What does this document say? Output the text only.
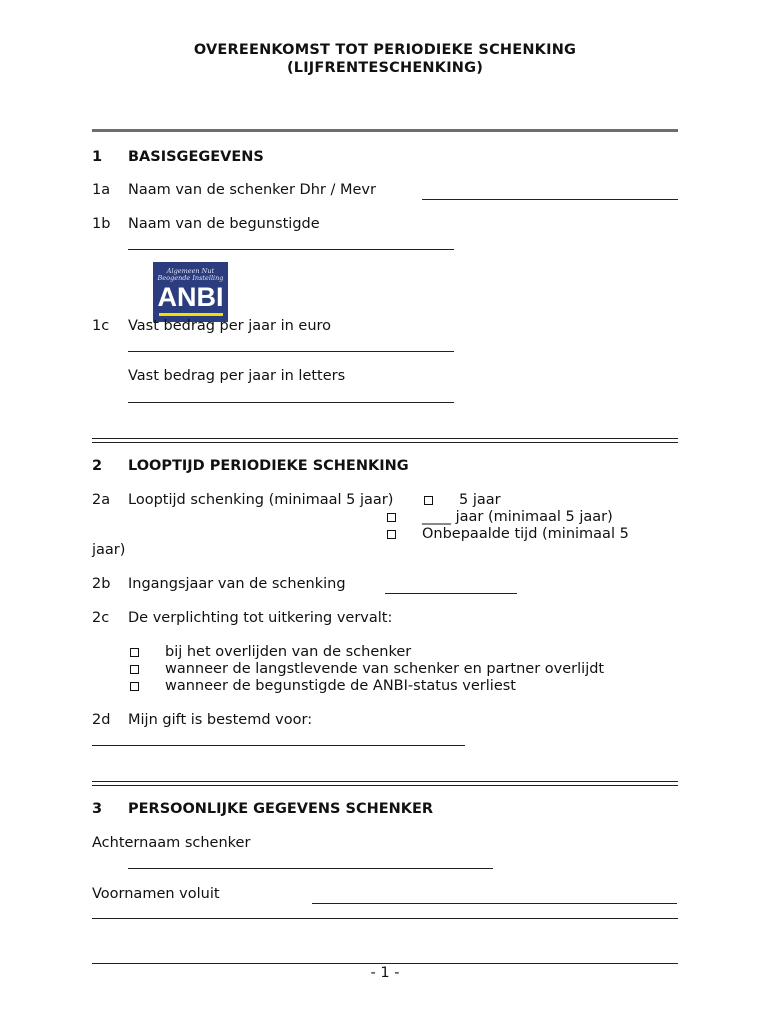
OVEREENKOMST TOT PERIODIEKE SCHENKING
(LIJFRENTESCHENKING)
1 BASISGEGEVENS
1a Naam van de schenker Dhr / Mevr
1b Naam van de begunstigde
Algemeen Nut
Beogende Instelling
ANBI
1c Vast bedrag per jaar in euro
Vast bedrag per jaar in letters
2 LOOPTIJD PERIODIEKE SCHENKING
2a Looptijd schenking (minimaal 5 jaar)	5 jaar
____ jaar (minimaal 5 jaar)
Onbepaalde tijd (minimaal 5
jaar)
2b Ingangsjaar van de schenking
2c De verplichting tot uitkering vervalt:
bij het overlijden van de schenker
wanneer de langstlevende van schenker en partner overlijdt
wanneer de begunstigde de ANBI-status verliest
2d Mijn gift is bestemd voor:
3 PERSOONLIJKE GEGEVENS SCHENKER
Achternaam schenker
Voornamen voluit
- 1 -
